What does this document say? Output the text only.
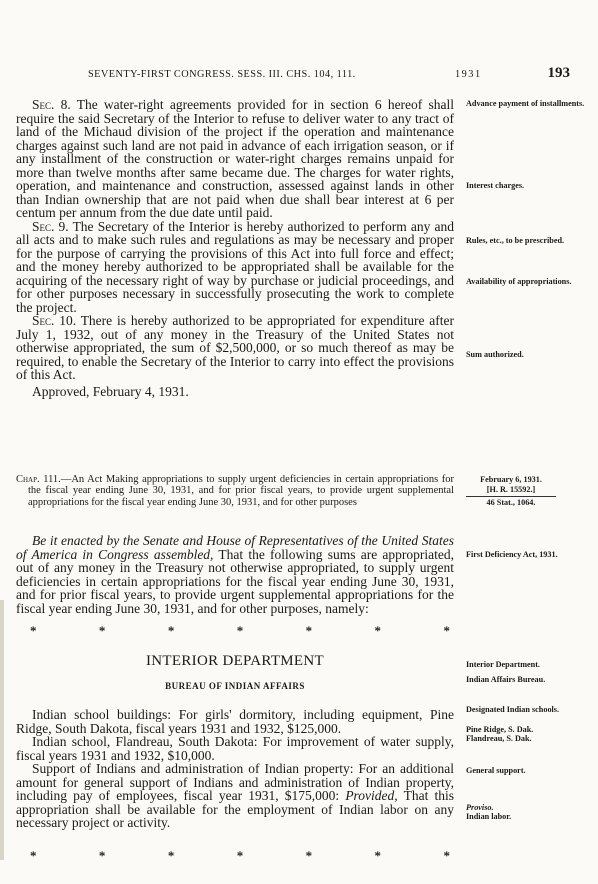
SEVENTY-FIRST CONGRESS. SESS. III. CHS. 104, 111.	1931	193

Sec. 8. The water-right agreements provided for in section 6 hereof shall require the said Secretary of the Interior to refuse to deliver water to any tract of land of the Michaud division of the project if the operation and maintenance charges against such land are not paid in advance of each irrigation season, or if any installment of the construction or water-right charges remains unpaid for more than twelve months after same became due. The charges for water rights, operation, and maintenance and construction, assessed against lands in other than Indian ownership that are not paid when due shall bear interest at 6 per centum per annum from the due date until paid.

Sec. 9. The Secretary of the Interior is hereby authorized to perform any and all acts and to make such rules and regulations as may be necessary and proper for the purpose of carrying the provisions of this Act into full force and effect; and the money hereby authorized to be appropriated shall be available for the acquiring of the necessary right of way by purchase or judicial proceedings, and for other purposes necessary in successfully prosecuting the work to complete the project.

Sec. 10. There is hereby authorized to be appropriated for expenditure after July 1, 1932, out of any money in the Treasury of the United States not otherwise appropriated, the sum of $2,500,000, or so much thereof as may be required, to enable the Secretary of the Interior to carry into effect the provisions of this Act.

Approved, February 4, 1931.

Chap. 111.—An Act Making appropriations to supply urgent deficiencies in certain appropriations for the fiscal year ending June 30, 1931, and for prior fiscal years, to provide urgent supplemental appropriations for the fiscal year ending June 30, 1931, and for other purposes

Be it enacted by the Senate and House of Representatives of the United States of America in Congress assembled, That the following sums are appropriated, out of any money in the Treasury not otherwise appropriated, to supply urgent deficiencies in certain appropriations for the fiscal year ending June 30, 1931, and for prior fiscal years, to provide urgent supplemental appropriations for the fiscal year ending June 30, 1931, and for other purposes, namely:

*	*	*	*	*	*	*
INTERIOR DEPARTMENT
BUREAU OF INDIAN AFFAIRS

Indian school buildings: For girls' dormitory, including equipment, Pine Ridge, South Dakota, fiscal years 1931 and 1932, $125,000.

Indian school, Flandreau, South Dakota: For improvement of water supply, fiscal years 1931 and 1932, $10,000.

Support of Indians and administration of Indian property: For an additional amount for general support of Indians and administration of Indian property, including pay of employees, fiscal year 1931, $175,000: Provided, That this appropriation shall be available for the employment of Indian labor on any necessary project or activity.

*	*	*	*	*	*	*
Advance payment of installments.
Interest charges.
Rules, etc., to be prescribed.
Availability of appropriations.
Sum authorized.
February 6, 1931.
[H. R. 15592.]
46 Stat., 1064.
First Deficiency Act, 1931.
Interior Department.
Indian Affairs Bureau.
Designated Indian schools.
Pine Ridge, S. Dak.
Flandreau, S. Dak.
General support.
Proviso.
Indian labor.
